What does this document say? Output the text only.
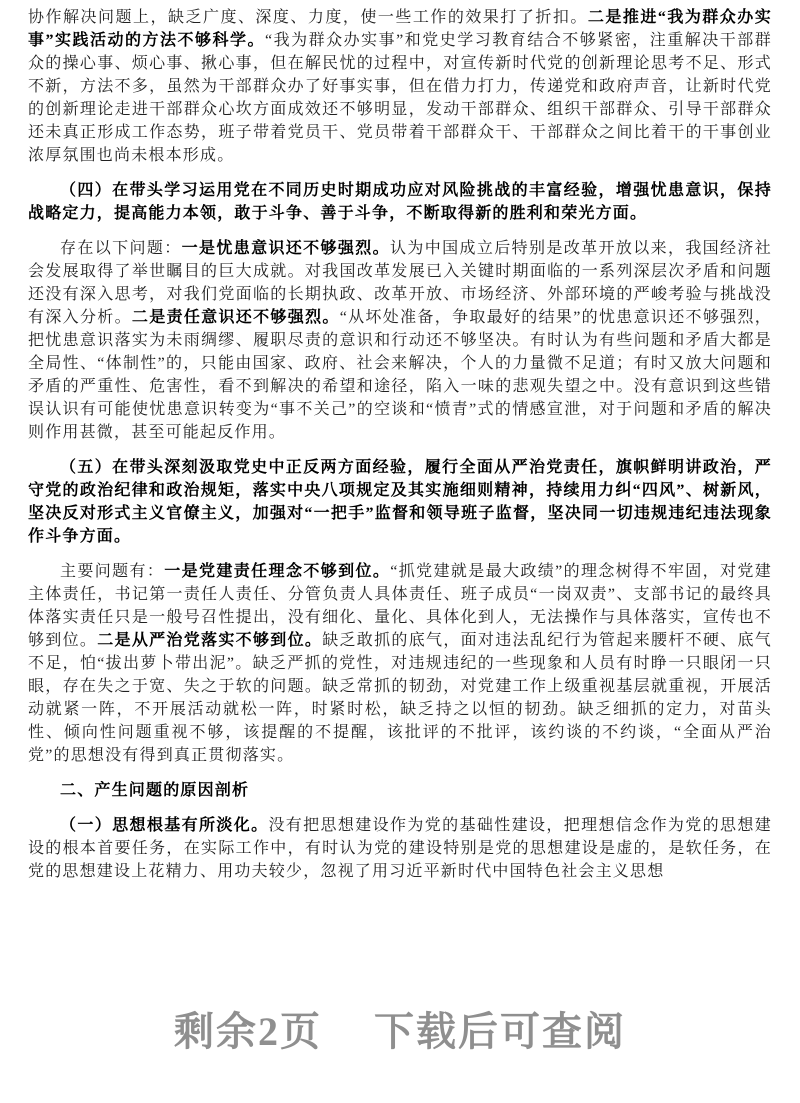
协作解决问题上，缺乏广度、深度、力度，使一些工作的效果打了折扣。二是推进“我为群众办实事”实践活动的方法不够科学。“我为群众办实事”和党史学习教育结合不够紧密，注重解决干部群众的操心事、烦心事、揪心事，但在解民忧的过程中，对宣传新时代党的创新理论思考不足、形式不新，方法不多，虽然为干部群众办了好事实事，但在借力打力，传递党和政府声音，让新时代党的创新理论走进干部群众心坎方面成效还不够明显，发动干部群众、组织干部群众、引导干部群众还未真正形成工作态势，班子带着党员干、党员带着干部群众干、干部群众之间比着干的干事创业浓厚氛围也尚未根本形成。

（四）在带头学习运用党在不同历史时期成功应对风险挑战的丰富经验，增强忧患意识，保持战略定力，提高能力本领，敢于斗争、善于斗争，不断取得新的胜利和荣光方面。

存在以下问题：一是忧患意识还不够强烈。认为中国成立后特别是改革开放以来，我国经济社会发展取得了举世瞩目的巨大成就。对我国改革发展已入关键时期面临的一系列深层次矛盾和问题还没有深入思考，对我们党面临的长期执政、改革开放、市场经济、外部环境的严峻考验与挑战没有深入分析。二是责任意识还不够强烈。“从坏处准备，争取最好的结果”的忧患意识还不够强烈，把忧患意识落实为未雨绸缪、履职尽责的意识和行动还不够坚决。有时认为有些问题和矛盾大都是全局性、“体制性”的，只能由国家、政府、社会来解决，个人的力量微不足道；有时又放大问题和矛盾的严重性、危害性，看不到解决的希望和途径，陷入一味的悲观失望之中。没有意识到这些错误认识有可能使忧患意识转变为“事不关己”的空谈和“愤青”式的情感宣泄，对于问题和矛盾的解决则作用甚微，甚至可能起反作用。

（五）在带头深刻汲取党史中正反两方面经验，履行全面从严治党责任，旗帜鲜明讲政治，严守党的政治纪律和政治规矩，落实中央八项规定及其实施细则精神，持续用力纠“四风”、树新风，坚决反对形式主义官僚主义，加强对“一把手”监督和领导班子监督，坚决同一切违规违纪违法现象作斗争方面。

主要问题有：一是党建责任理念不够到位。“抓党建就是最大政绩”的理念树得不牢固，对党建主体责任，书记第一责任人责任、分管负责人具体责任、班子成员“一岗双责”、支部书记的最终具体落实责任只是一般号召性提出，没有细化、量化、具体化到人，无法操作与具体落实，宣传也不够到位。二是从严治党落实不够到位。缺乏敢抓的底气，面对违法乱纪行为管起来腰杆不硬、底气不足，怕“拔出萝卜带出泥”。缺乏严抓的党性，对违规违纪的一些现象和人员有时睁一只眼闭一只眼，存在失之于宽、失之于软的问题。缺乏常抓的韧劲，对党建工作上级重视基层就重视，开展活动就紧一阵，不开展活动就松一阵，时紧时松，缺乏持之以恒的韧劲。缺乏细抓的定力，对苗头性、倾向性问题重视不够，该提醒的不提醒，该批评的不批评，该约谈的不约谈，“全面从严治党”的思想没有得到真正贯彻落实。

二、产生问题的原因剖析

（一）思想根基有所淡化。没有把思想建设作为党的基础性建设，把理想信念作为党的思想建设的根本首要任务，在实际工作中，有时认为党的建设特别是党的思想建设是虚的，是软任务，在党的思想建设上花精力、用功夫较少，忽视了用习近平新时代中国特色社会主义思想

剩余2页 下载后可查阅
